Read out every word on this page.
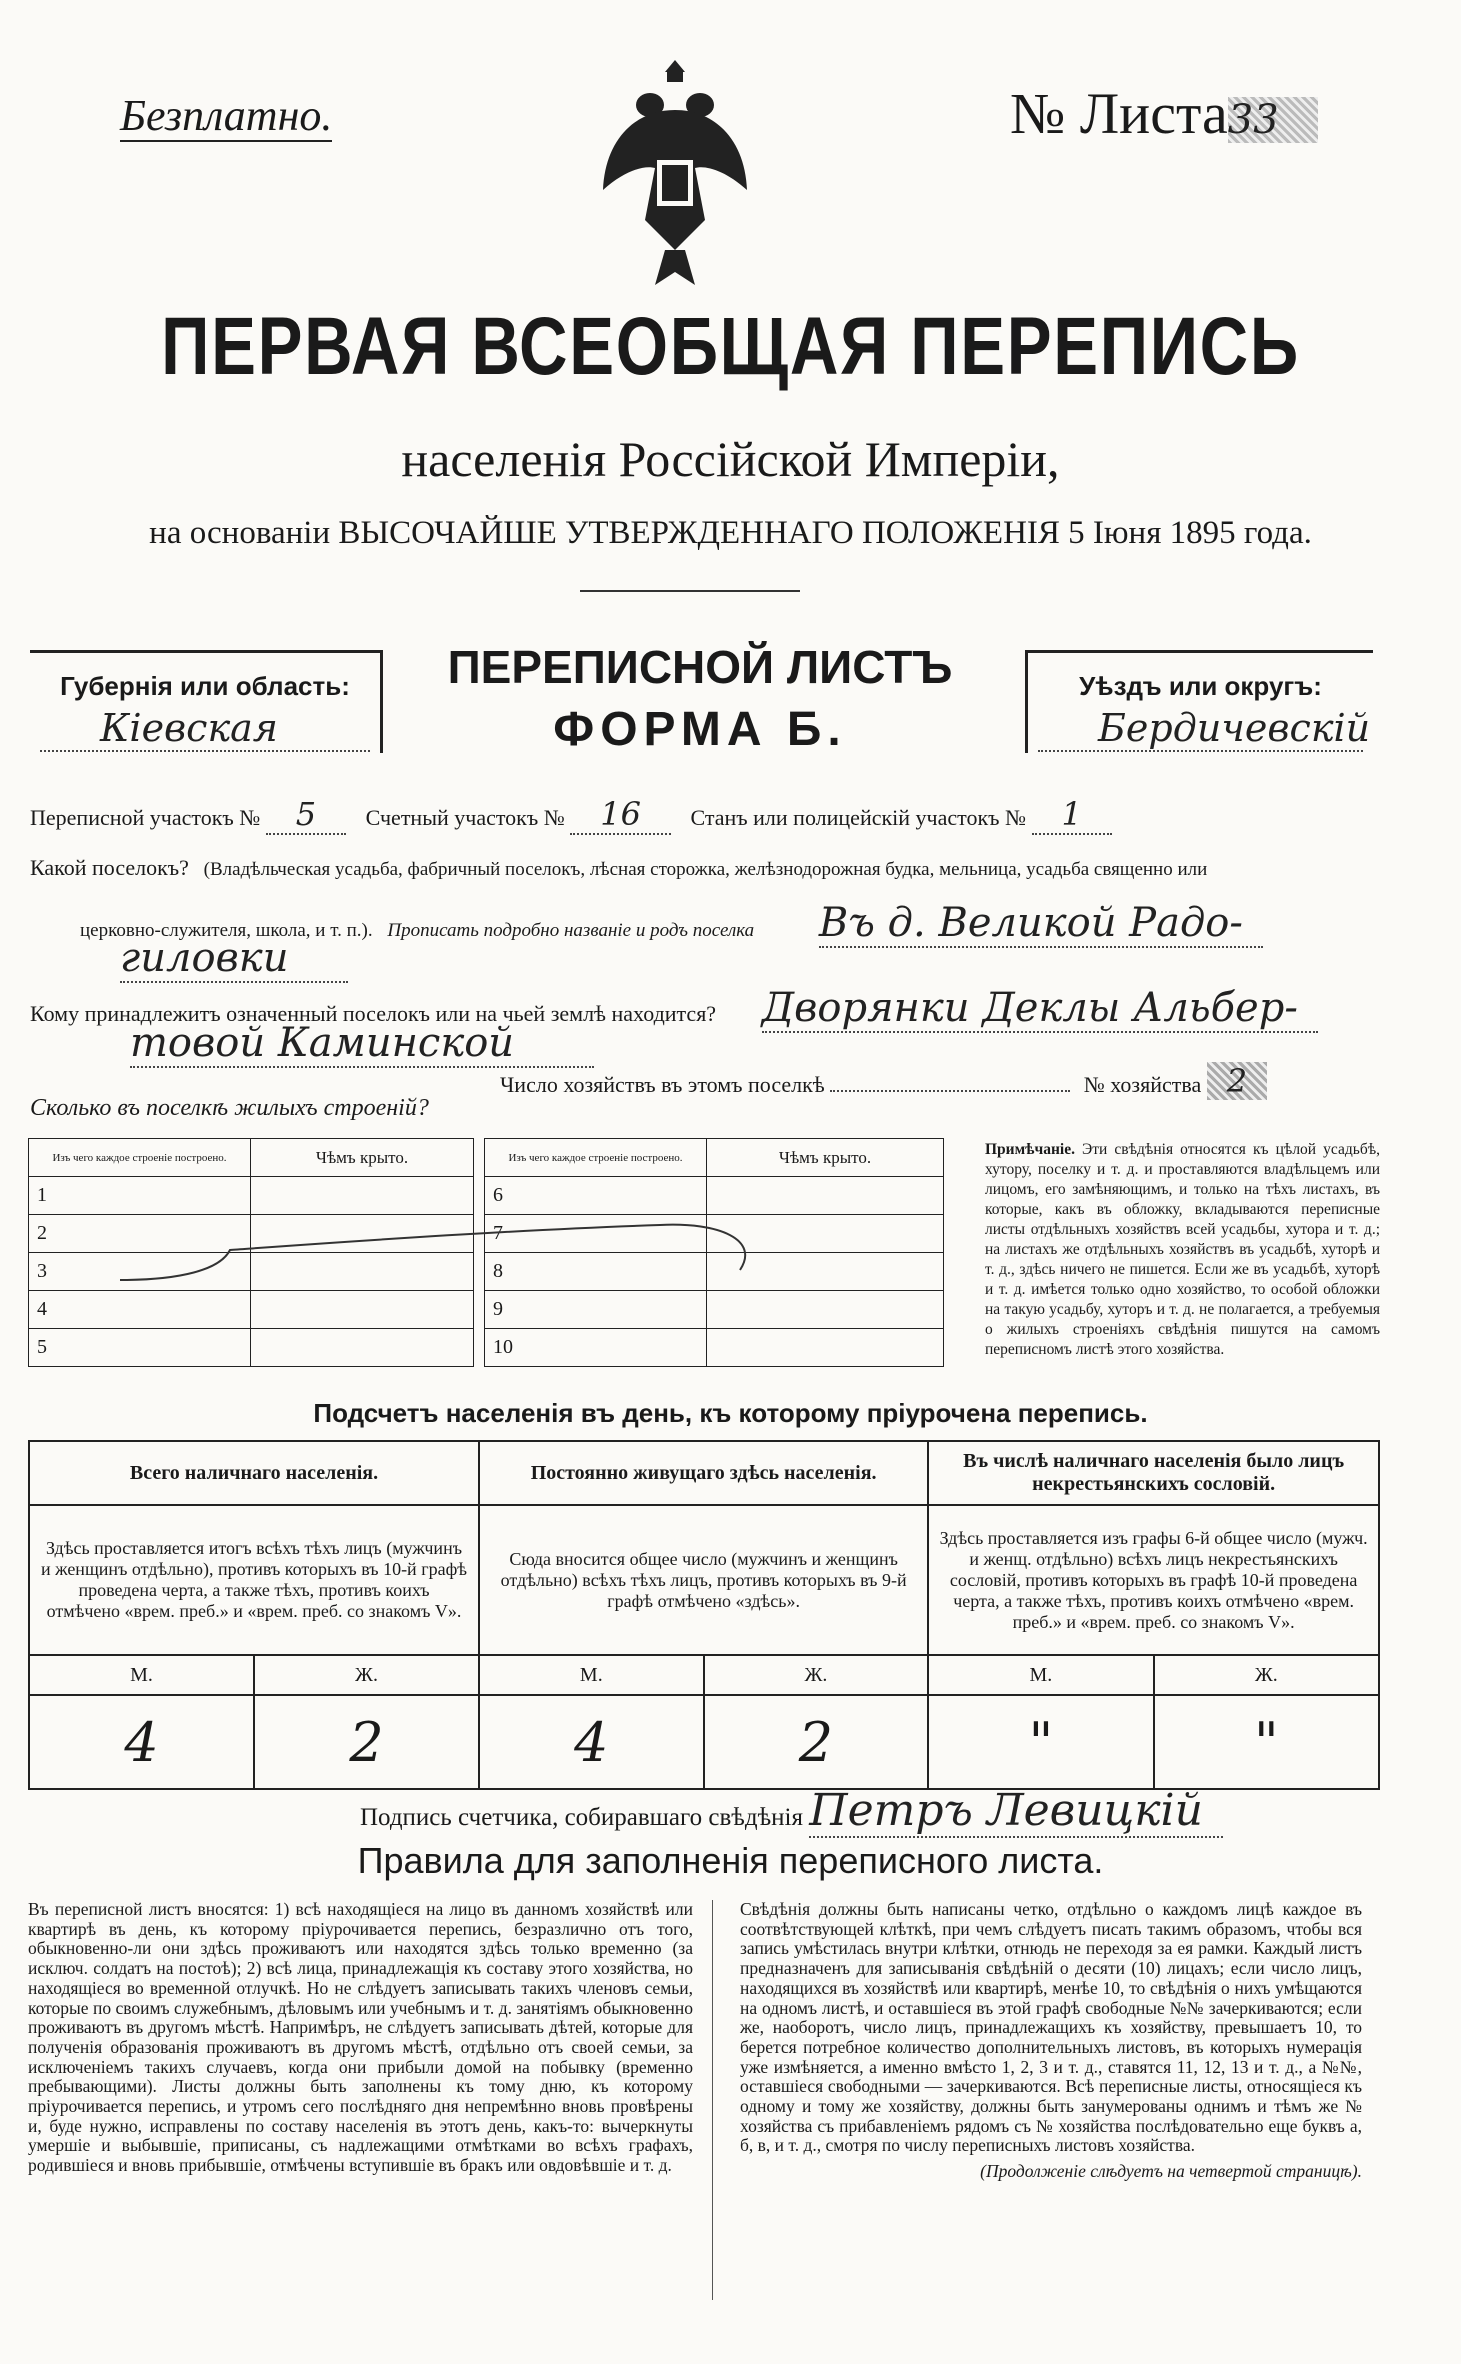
Безплатно.	№ Листа33
ПЕРВАЯ ВСЕОБЩАЯ ПЕРЕПИСЬ
населенія Россійской Имперіи,
на основаніи ВЫСОЧАЙШЕ УТВЕРЖДЕННАГО ПОЛОЖЕНІЯ 5 Іюня 1895 года.
Губернія или область:
Кіевская
ПЕРЕПИСНОЙ ЛИСТЪ
ФОРМА Б.
Уѣздъ или округъ:
Бердичевскій
Переписной участокъ № 5 Счетный участокъ № 16 Станъ или полицейскій участокъ № 1
Какой поселокъ? (Владѣльческая усадьба, фабричный поселокъ, лѣсная сторожка, желѣзнодорожная будка, мельница, усадьба священно или
церковно-служителя, школа, и т. п.). Прописать подробно названіе и родъ поселка Въ д. Великой Радо-
гиловки
Кому принадлежитъ означенный поселокъ или на чьей землѣ находится? Дворянки Деклы Альбер-
товой Каминской
Число хозяйствъ въ этомъ поселкѣ	№ хозяйства 2
Сколько въ поселкѣ жилыхъ строеній?
Изъ чего каждое строеніе построено.	Чѣмъ крыто.
1	
2	
3	
4	
5	
Изъ чего каждое строеніе построено.	Чѣмъ крыто.
6	
7	
8	
9	
10	
Примѣчаніе. Эти свѣдѣнія относятся къ цѣлой усадьбѣ, хутору, поселку и т. д. и проставляются владѣльцемъ или лицомъ, его замѣняющимъ, и только на тѣхъ листахъ, въ которые, какъ въ обложку, вкладываются переписные листы отдѣльныхъ хозяйствъ всей усадьбы, хутора и т. д.; на листахъ же отдѣльныхъ хозяйствъ въ усадьбѣ, хуторѣ и т. д., здѣсь ничего не пишется. Если же въ усадьбѣ, хуторѣ и т. д. имѣется только одно хозяйство, то особой обложки на такую усадьбу, хуторъ и т. д. не полагается, а требуемыя о жилыхъ строеніяхъ свѣдѣнія пишутся на самомъ переписномъ листѣ этого хозяйства.
Подсчетъ населенія въ день, къ которому пріурочена перепись.
Всего наличнаго населенія.		Постоянно живущаго здѣсь населенія.		Въ числѣ наличнаго населенія было лицъ некрестьянскихъ сословій.	
Здѣсь проставляется итогъ всѣхъ тѣхъ лицъ (мужчинъ и женщинъ отдѣльно), противъ которыхъ въ 10-й графѣ проведена черта, а также тѣхъ, противъ коихъ отмѣчено «врем. преб.» и «врем. преб. со знакомъ V».		Сюда вносится общее число (мужчинъ и женщинъ отдѣльно) всѣхъ тѣхъ лицъ, противъ которыхъ въ 9-й графѣ отмѣчено «здѣсь».		Здѣсь проставляется изъ графы 6-й общее число (мужч. и женщ. отдѣльно) всѣхъ лицъ некрестьянскихъ сословій, противъ которыхъ въ графѣ 10-й проведена черта, а также тѣхъ, противъ коихъ отмѣчено «врем. преб.» и «врем. преб. со знакомъ V».	
М.	Ж.	М.	Ж.	М.	Ж.
4	2	4	2	"	"
Подпись счетчика, собиравшаго свѣдѣнія Петръ Левицкій
Правила для заполненія переписного листа.
Въ переписной листъ вносятся: 1) всѣ находящіеся на лицо въ данномъ хозяйствѣ или квартирѣ въ день, къ которому пріурочивается перепись, безразлично отъ того, обыкновенно-ли они здѣсь проживаютъ или находятся здѣсь только временно (за исключ. солдатъ на постоѣ); 2) всѣ лица, принадлежащія къ составу этого хозяйства, но находящіеся во временной отлучкѣ. Но не слѣдуетъ записывать такихъ членовъ семьи, которые по своимъ служебнымъ, дѣловымъ или учебнымъ и т. д. занятіямъ обыкновенно проживаютъ въ другомъ мѣстѣ. Напримѣръ, не слѣдуетъ записывать дѣтей, которые для полученія образованія проживаютъ въ другомъ мѣстѣ, отдѣльно отъ своей семьи, за исключеніемъ такихъ случаевъ, когда они прибыли домой на побывку (временно пребывающими). Листы должны быть заполнены къ тому дню, къ которому пріурочивается перепись, и утромъ сего послѣдняго дня непремѣнно вновь провѣрены и, буде нужно, исправлены по составу населенія въ этотъ день, какъ-то: вычеркнуты умершіе и выбывшіе, приписаны, съ надлежащими отмѣтками во всѣхъ графахъ, родившіеся и вновь прибывшіе, отмѣчены вступившіе въ бракъ или овдовѣвшіе и т. д.
Свѣдѣнія должны быть написаны четко, отдѣльно о каждомъ лицѣ каждое въ соотвѣтствующей клѣткѣ, при чемъ слѣдуетъ писать такимъ образомъ, чтобы вся запись умѣстилась внутри клѣтки, отнюдь не переходя за ея рамки. Каждый листъ предназначенъ для записыванія свѣдѣній о десяти (10) лицахъ; если число лицъ, находящихся въ хозяйствѣ или квартирѣ, менѣе 10, то свѣдѣнія о нихъ умѣщаются на одномъ листѣ, и оставшіеся въ этой графѣ свободные №№ зачеркиваются; если же, наоборотъ, число лицъ, принадлежащихъ къ хозяйству, превышаетъ 10, то берется потребное количество дополнительныхъ листовъ, въ которыхъ нумерація уже измѣняется, а именно вмѣсто 1, 2, 3 и т. д., ставятся 11, 12, 13 и т. д., а №№, оставшіеся свободными — зачеркиваются. Всѣ переписные листы, относящіеся къ одному и тому же хозяйству, должны быть занумерованы однимъ и тѣмъ же № хозяйства съ прибавленіемъ рядомъ съ № хозяйства послѣдовательно еще буквъ а, б, в, и т. д., смотря по числу переписныхъ листовъ хозяйства.
(Продолженіе слѣдуетъ на четвертой страницѣ).
